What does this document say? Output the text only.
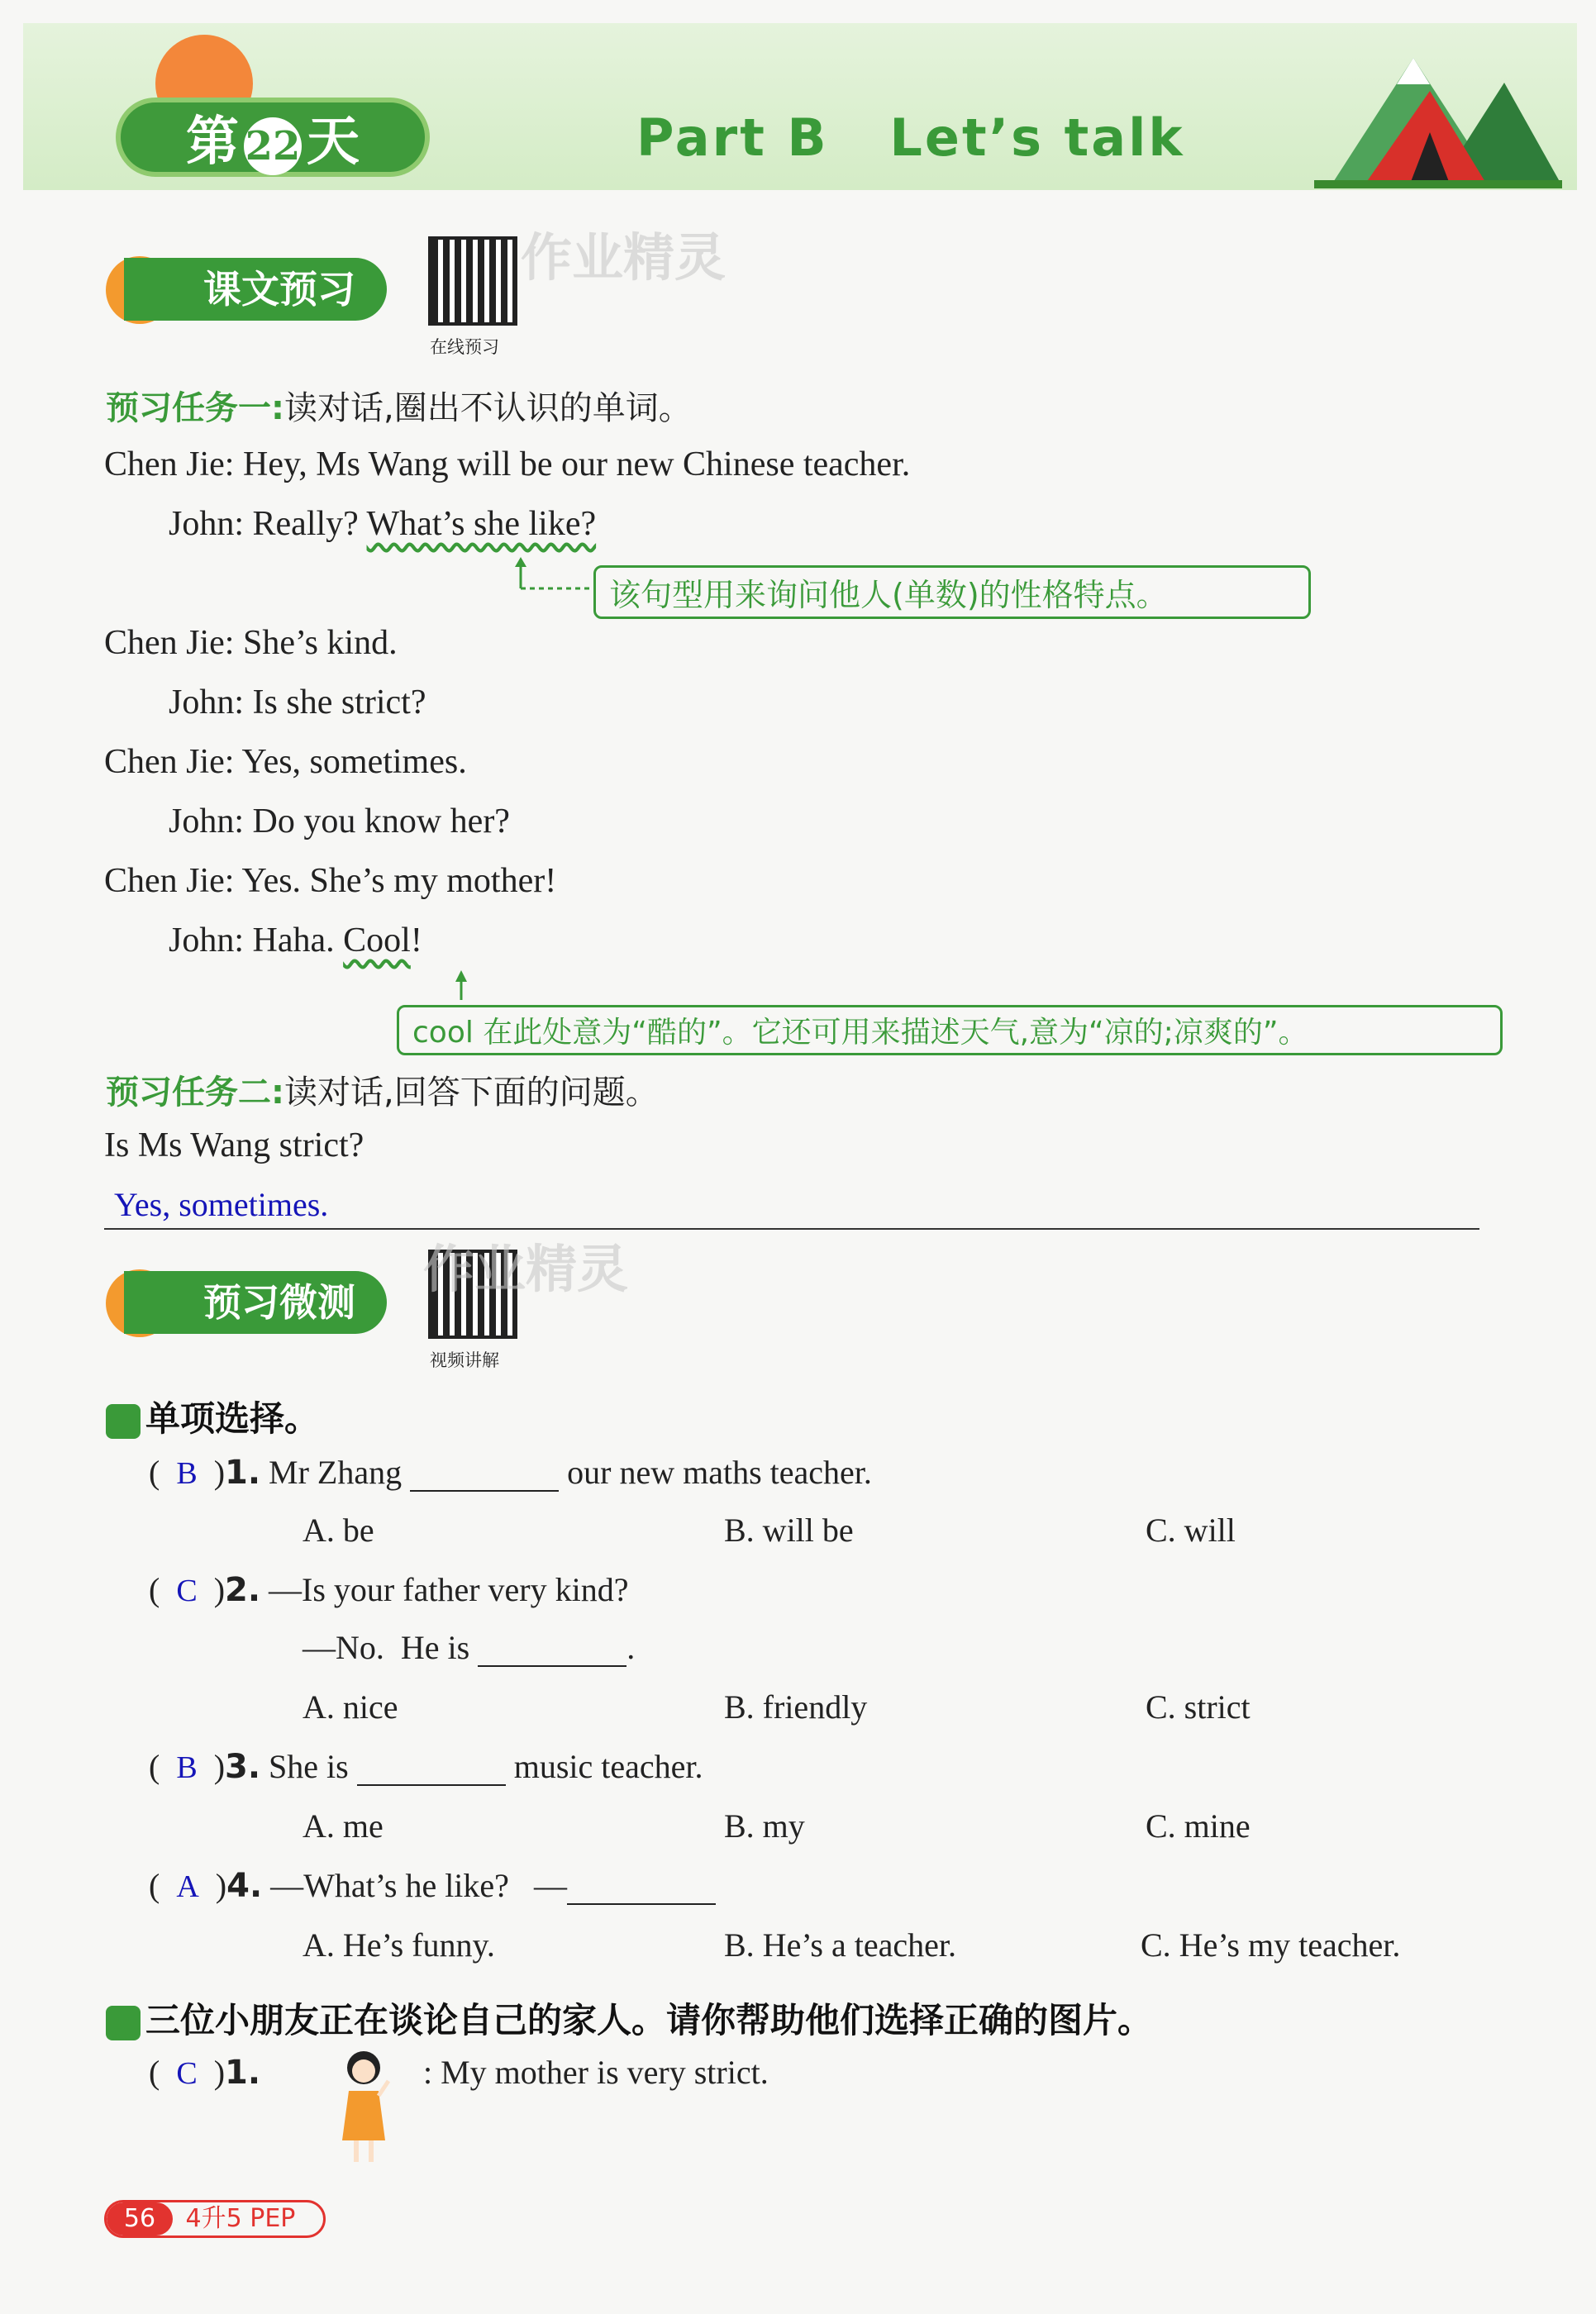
第 22 天	Part B   Let’s talk
课文预习
在线预习
作业精灵
预习任务一:读对话,圈出不认识的单词。
Chen Jie: Hey, Ms Wang will be our new Chinese teacher.
John: Really? What’s she like?
该句型用来询问他人(单数)的性格特点。
Chen Jie: She’s kind.
John: Is she strict?
Chen Jie: Yes, sometimes.
John: Do you know her?
Chen Jie: Yes. She’s my mother!
John: Haha. Cool!
cool 在此处意为“酷的”。它还可用来描述天气,意为“凉的;凉爽的”。
预习任务二:读对话,回答下面的问题。
Is Ms Wang strict?
Yes, sometimes.
预习微测
视频讲解
作业精灵
单项选择。
(  B  )1. Mr Zhang	our new maths teacher.
A. be	B. will be	C. will
(  C  )2. —Is your father very kind?
—No.  He is	.
A. nice	B. friendly	C. strict
(  B  )3. She is	music teacher.
A. me	B. my	C. mine
(  A  )4. —What’s he like? —
A. He’s funny.	B. He’s a teacher.	C. He’s my teacher.
三位小朋友正在谈论自己的家人。请你帮助他们选择正确的图片。
(  C  )1.	: My mother is very strict.
56 4升5 PEP
